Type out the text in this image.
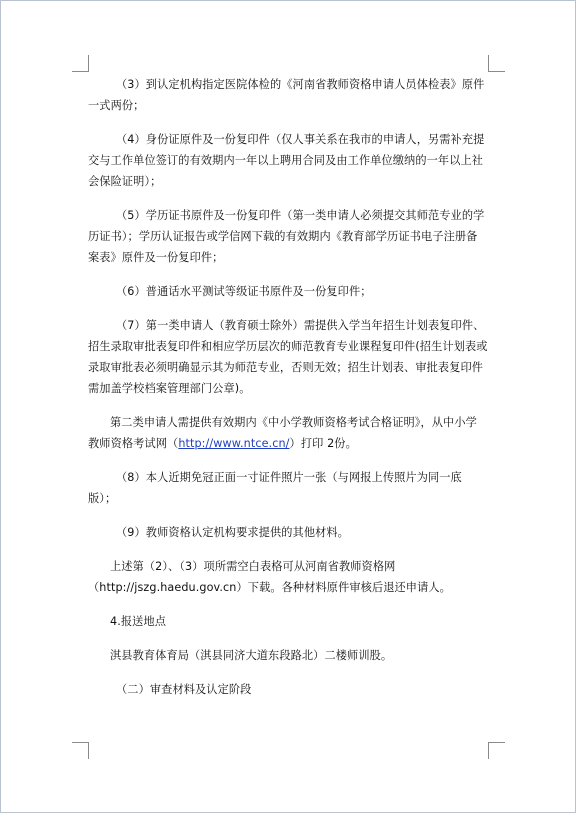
（3）到认定机构指定医院体检的《河南省教师资格申请人员体检表》原件一式两份；

（4）身份证原件及一份复印件（仅人事关系在我市的申请人，另需补充提交与工作单位签订的有效期内一年以上聘用合同及由工作单位缴纳的一年以上社会保险证明）；

（5）学历证书原件及一份复印件（第一类申请人必须提交其师范专业的学历证书）；学历认证报告或学信网下载的有效期内《教育部学历证书电子注册备案表》原件及一份复印件；

（6）普通话水平测试等级证书原件及一份复印件；

（7）第一类申请人（教育硕士除外）需提供入学当年招生计划表复印件、招生录取审批表复印件和相应学历层次的师范教育专业课程复印件(招生计划表或录取审批表必须明确显示其为师范专业，否则无效；招生计划表、审批表复印件需加盖学校档案管理部门公章)。

第二类申请人需提供有效期内《中小学教师资格考试合格证明》，从中小学教师资格考试网（http://www.ntce.cn/）打印 2份。

（8）本人近期免冠正面一寸证件照片一张（与网报上传照片为同一底版）；

（9）教师资格认定机构要求提供的其他材料。

上述第（2）、（3）项所需空白表格可从河南省教师资格网（http://jszg.haedu.gov.cn）下载。各种材料原件审核后退还申请人。

4.报送地点

淇县教育体育局（淇县同济大道东段路北）二楼师训股。

（二）审查材料及认定阶段
